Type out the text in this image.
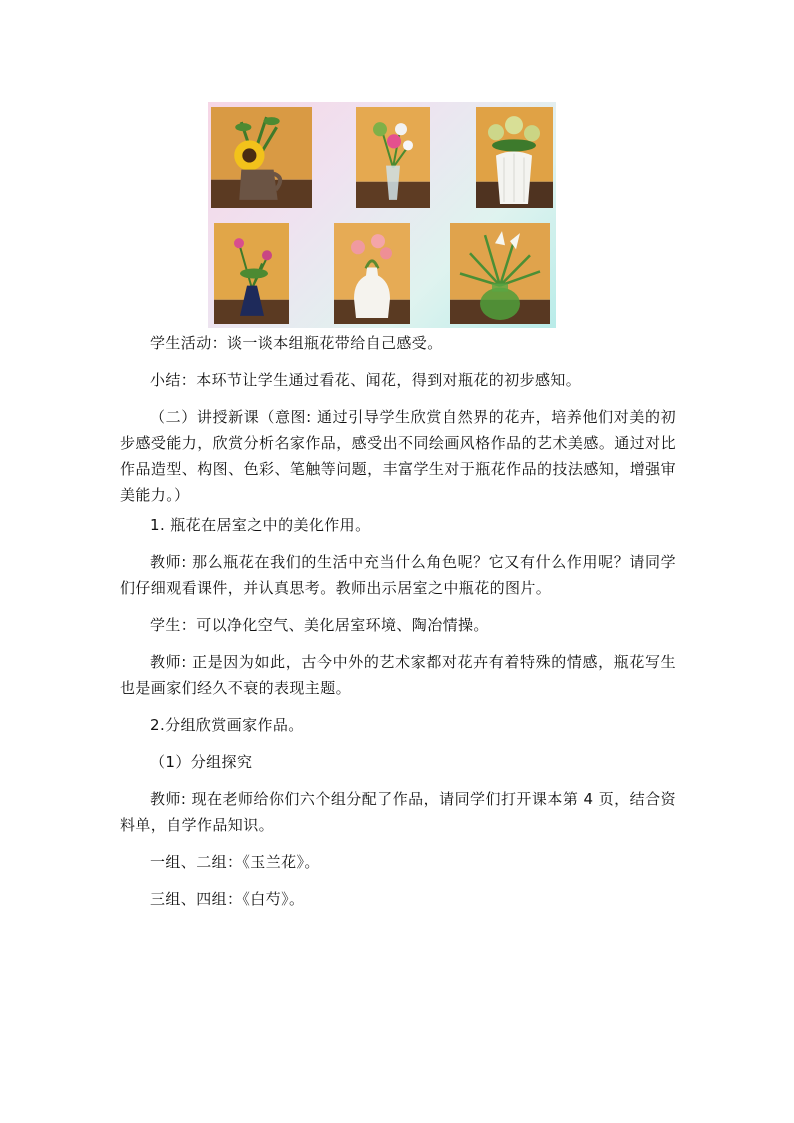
学生活动：谈一谈本组瓶花带给自己感受。

小结：本环节让学生通过看花、闻花，得到对瓶花的初步感知。

（二）讲授新课（意图: 通过引导学生欣赏自然界的花卉，培养他们对美的初步感受能力，欣赏分析名家作品，感受出不同绘画风格作品的艺术美感。通过对比作品造型、构图、色彩、笔触等问题，丰富学生对于瓶花作品的技法感知，增强审美能力。）

1. 瓶花在居室之中的美化作用。

教师: 那么瓶花在我们的生活中充当什么角色呢？它又有什么作用呢？请同学们仔细观看课件，并认真思考。教师出示居室之中瓶花的图片。

学生：可以净化空气、美化居室环境、陶冶情操。

教师: 正是因为如此，古今中外的艺术家都对花卉有着特殊的情感，瓶花写生也是画家们经久不衰的表现主题。

2.分组欣赏画家作品。

（1）分组探究

教师: 现在老师给你们六个组分配了作品，请同学们打开课本第 4 页，结合资料单，自学作品知识。

一组、二组：《玉兰花》。

三组、四组：《白芍》。
